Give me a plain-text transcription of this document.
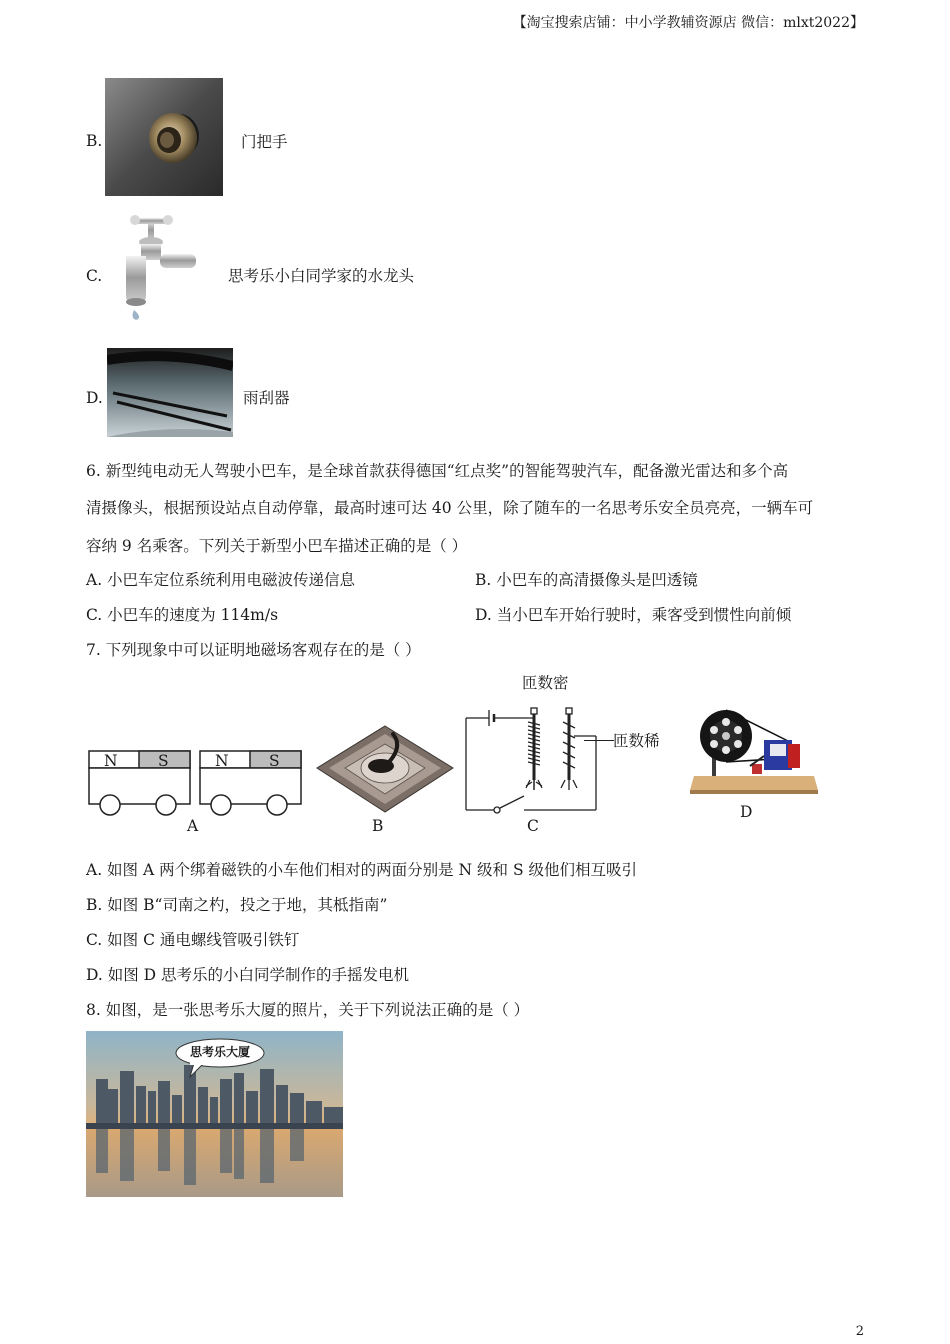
【淘宝搜索店铺：中小学教辅资源店 微信：mlxt2022】
B.	门把手
C.	思考乐小白同学家的水龙头
D.	雨刮器
6. 新型纯电动无人驾驶小巴车，是全球首款获得德国“红点奖”的智能驾驶汽车，配备激光雷达和多个高
清摄像头，根据预设站点自动停靠，最高时速可达 40 公里，除了随车的一名思考乐安全员亮亮，一辆车可
容纳 9 名乘客。下列关于新型小巴车描述正确的是（ ）
A. 小巴车定位系统利用电磁波传递信息	B. 小巴车的高清摄像头是凹透镜
C. 小巴车的速度为 114m/s	D. 当小巴车开始行驶时，乘客受到惯性向前倾
7. 下列现象中可以证明地磁场客观存在的是（ ）
N	S	N	S
A	B
匝数密
匝数稀
C
D
A. 如图 A 两个绑着磁铁的小车他们相对的两面分别是 N 级和 S 级他们相互吸引
B. 如图 B“司南之杓，投之于地，其柢指南”
C. 如图 C 通电螺线管吸引铁钉
D. 如图 D 思考乐的小白同学制作的手摇发电机
8. 如图，是一张思考乐大厦的照片，关于下列说法正确的是（ ）
思考乐大厦
2
